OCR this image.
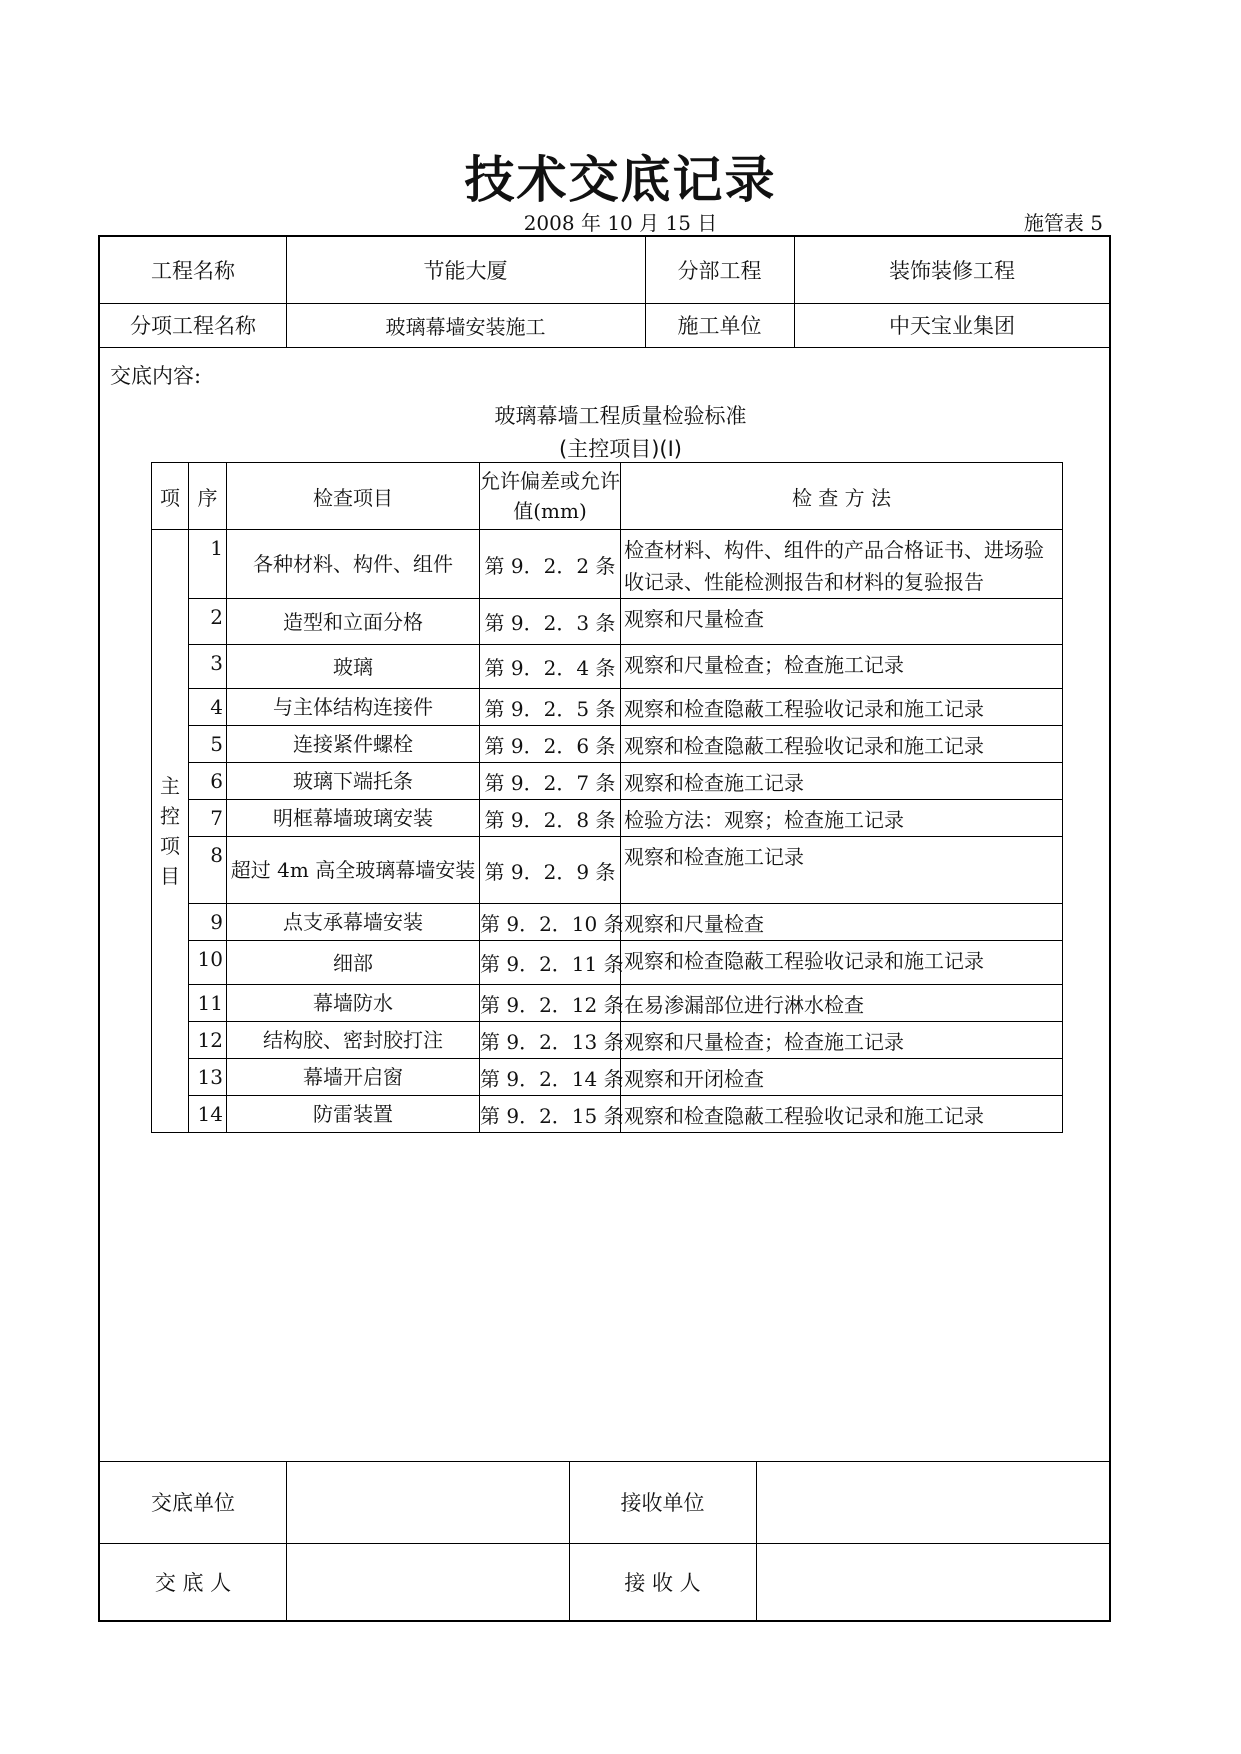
技术交底记录
2008 年 10 月 15 日	施管表 5
工程名称	节能大厦	分部工程	装饰装修工程
分项工程名称	玻璃幕墙安装施工	施工单位	中天宝业集团
交底单位	接收单位
交 底 人	接 收 人
交底内容:
玻璃幕墙工程质量检验标准
(主控项目)(I)
项	序	检查项目	允许偏差或允许值(mm)	检 查 方 法
主控项目	1	各种材料、构件、组件	第 9．2．2 条	检查材料、构件、组件的产品合格证书、进场验收记录、性能检测报告和材料的复验报告
	2	造型和立面分格	第 9．2．3 条	观察和尺量检查
	3	玻璃	第 9．2．4 条	观察和尺量检查；检查施工记录
	4	与主体结构连接件	第 9．2．5 条	观察和检查隐蔽工程验收记录和施工记录
	5	连接紧件螺栓	第 9．2．6 条	观察和检查隐蔽工程验收记录和施工记录
	6	玻璃下端托条	第 9．2．7 条	观察和检查施工记录
	7	明框幕墙玻璃安装	第 9．2．8 条	检验方法：观察；检查施工记录
	8	超过 4m 高全玻璃幕墙安装	第 9．2．9 条	观察和检查施工记录
	9	点支承幕墙安装	第 9．2．10 条	观察和尺量检查
	10	细部	第 9．2．11 条	观察和检查隐蔽工程验收记录和施工记录
	11	幕墙防水	第 9．2．12 条	在易渗漏部位进行淋水检查
	12	结构胶、密封胶打注	第 9．2．13 条	观察和尺量检查；检查施工记录
	13	幕墙开启窗	第 9．2．14 条	观察和开闭检查
	14	防雷装置	第 9．2．15 条	观察和检查隐蔽工程验收记录和施工记录
